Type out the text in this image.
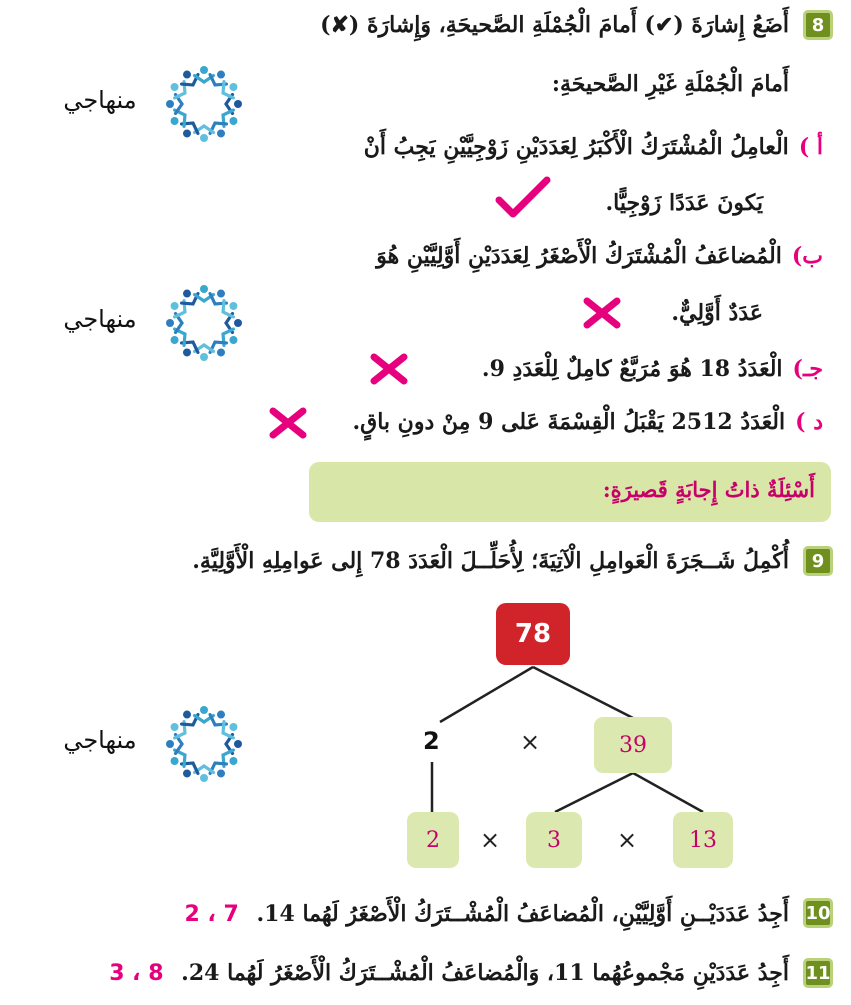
منهاجي
منهاجي
منهاجي
8
أَضَعُ إِشارَةَ (✔) أَمامَ الْجُمْلَةِ الصَّحيحَةِ، وَإِشارَةَ (✘)
أَمامَ الْجُمْلَةِ غَيْرِ الصَّحيحَةِ:
أ )الْعامِلُ الْمُشْتَرَكُ الْأَكْبَرُ لِعَدَدَيْنِ زَوْجِيَّيْنِ يَجِبُ أَنْ
يَكونَ عَدَدًا زَوْجِيًّا.
ب)الْمُضاعَفُ الْمُشْتَرَكُ الْأَصْغَرُ لِعَدَدَيْنِ أَوَّلِيَّيْنِ هُوَ
عَدَدٌ أَوَّلِيٌّ.
جـ)الْعَدَدُ 18 هُوَ مُرَبَّعٌ كامِلٌ لِلْعَدَدِ 9.
د )الْعَدَدُ 2512 يَقْبَلُ الْقِسْمَةَ عَلى 9 مِنْ دونِ باقٍ.
أَسْئِلَةٌ ذاتُ إِجابَةٍ قَصيرَةٍ:
9
أُكْمِلُ شَــجَرَةَ الْعَوامِلِ الْآتِيَةَ؛ لِأُحَلِّــلَ الْعَدَدَ 78 إِلى عَوامِلِهِ الْأَوَّلِيَّةِ.
78
2	×	39
2	×	3	×	13
10
أَجِدُ عَدَدَيْــنِ أَوَّلِيَّيْنِ، الْمُضاعَفُ الْمُشْــتَرَكُ الْأَصْغَرُ لَهُما 14. 7 ، 2
11
أَجِدُ عَدَدَيْنِ مَجْموعُهُما 11، وَالْمُضاعَفُ الْمُشْــتَرَكُ الْأَصْغَرُ لَهُما 24. 8 ، 3
